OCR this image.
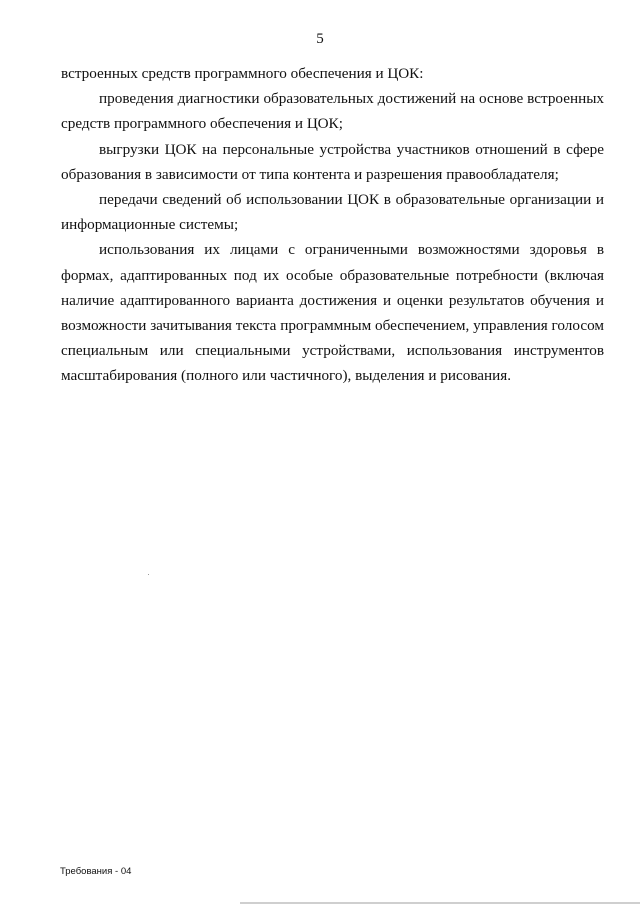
5

встроенных средств программного обеспечения и ЦОК:

проведения диагностики образовательных достижений на основе встроенных средств программного обеспечения и ЦОК;

выгрузки ЦОК на персональные устройства участников отношений в сфере образования в зависимости от типа контента и разрешения правообладателя;

передачи сведений об использовании ЦОК в образовательные организации и информационные системы;

использования их лицами с ограниченными возможностями здоровья в формах, адаптированных под их особые образовательные потребности (включая наличие адаптированного варианта достижения и оценки результатов обучения и возможности зачитывания текста программным обеспечением, управления голосом специальным или специальными устройствами, использования инструментов масштабирования (полного или частичного), выделения и рисования.

Требования - 04
